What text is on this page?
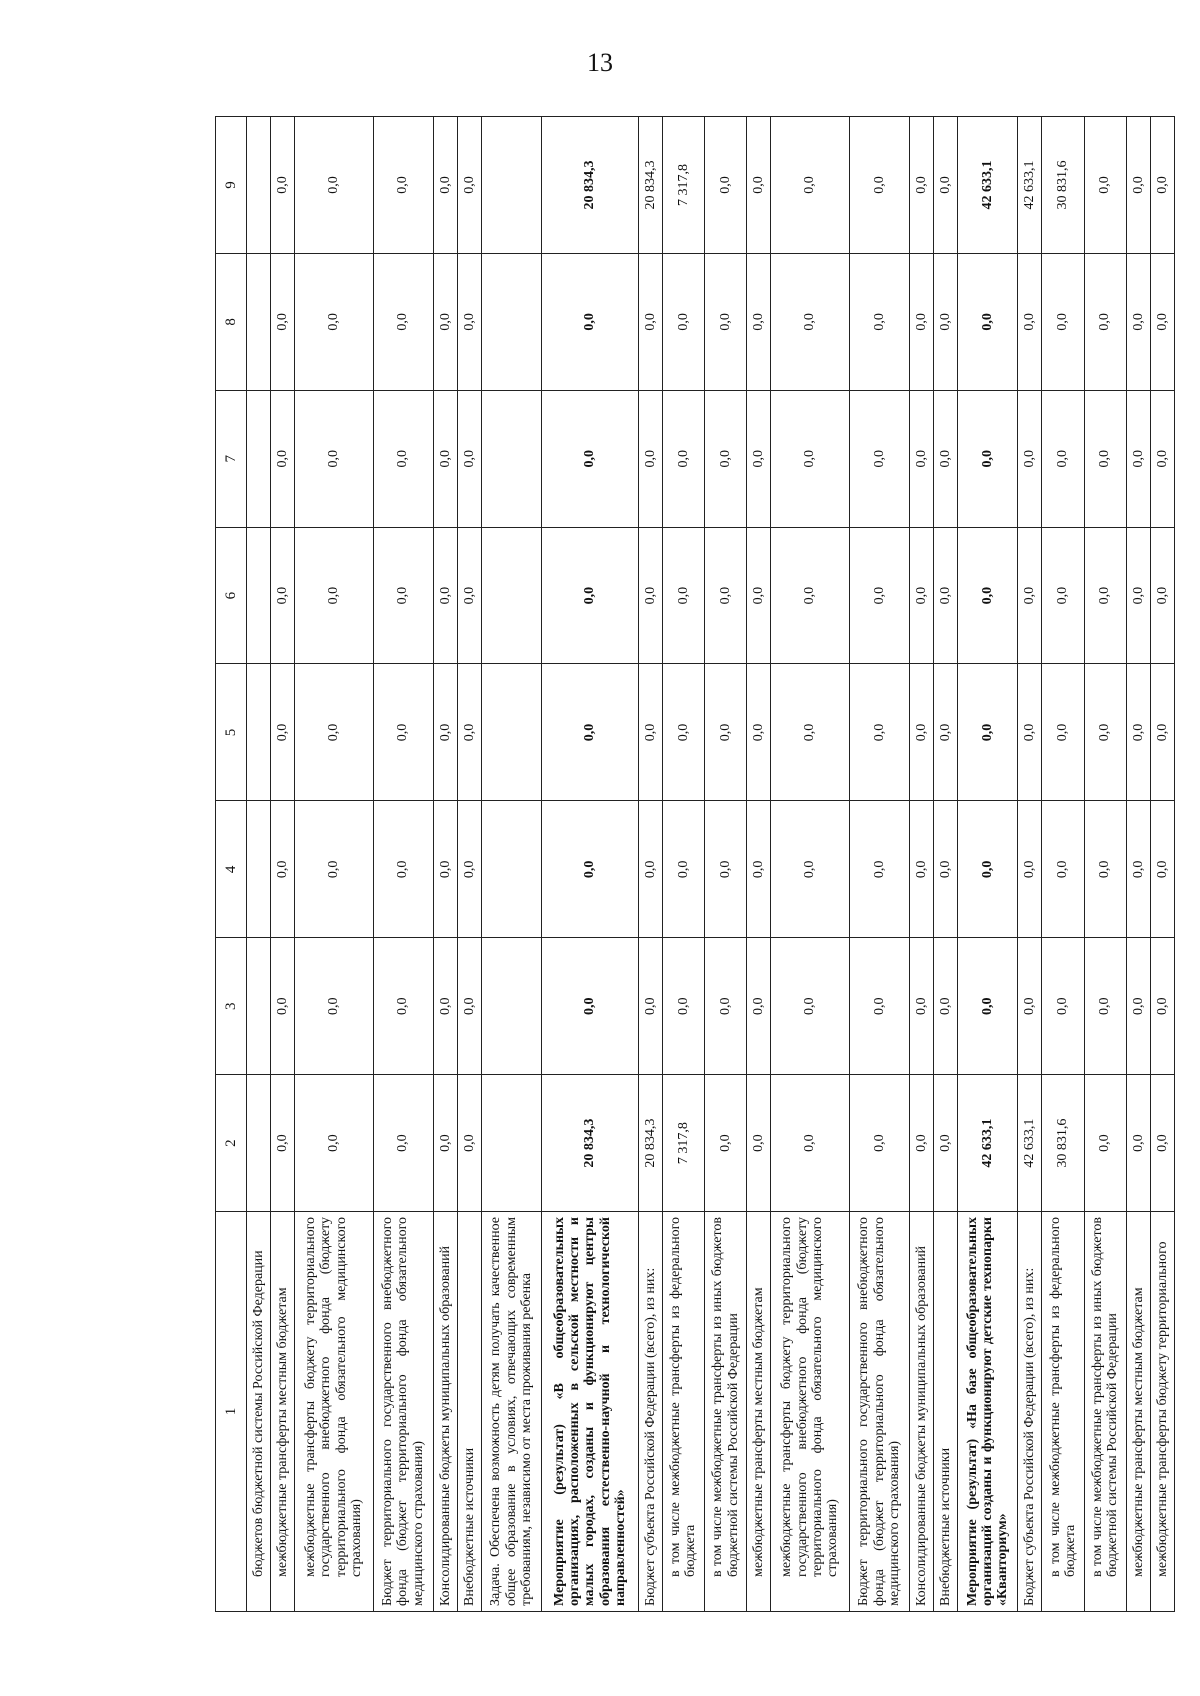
13
1	2	3	4	5	6	7	8	9
бюджетов бюджетной системы Российской Федерации								
межбюджетные трансферты местным бюджетам	0,0	0,0	0,0	0,0	0,0	0,0	0,0	0,0
межбюджетные трансферты бюджету территориального государственного внебюджетного фонда (бюджету территориального фонда обязательного медицинского страхования)	0,0	0,0	0,0	0,0	0,0	0,0	0,0	0,0
Бюджет территориального государственного внебюджетного фонда (бюджет территориального фонда обязательного медицинского страхования)	0,0	0,0	0,0	0,0	0,0	0,0	0,0	0,0
Консолидированные бюджеты муниципальных образований	0,0	0,0	0,0	0,0	0,0	0,0	0,0	0,0
Внебюджетные источники	0,0	0,0	0,0	0,0	0,0	0,0	0,0	0,0
Задача. Обеспечена возможность детям получать качественное общее образование в условиях, отвечающих современным требованиям, независимо от места проживания ребенка								
Мероприятие (результат) «В общеобразовательных организациях, расположенных в сельской местности и малых городах, созданы и функционируют центры образования естественно-научной и технологической направленностей»	20 834,3	0,0	0,0	0,0	0,0	0,0	0,0	20 834,3
Бюджет субъекта Российской Федерации (всего), из них:	20 834,3	0,0	0,0	0,0	0,0	0,0	0,0	20 834,3
в том числе межбюджетные трансферты из федерального бюджета	7 317,8	0,0	0,0	0,0	0,0	0,0	0,0	7 317,8
в том числе межбюджетные трансферты из иных бюджетов бюджетной системы Российской Федерации	0,0	0,0	0,0	0,0	0,0	0,0	0,0	0,0
межбюджетные трансферты местным бюджетам	0,0	0,0	0,0	0,0	0,0	0,0	0,0	0,0
межбюджетные трансферты бюджету территориального государственного внебюджетного фонда (бюджету территориального фонда обязательного медицинского страхования)	0,0	0,0	0,0	0,0	0,0	0,0	0,0	0,0
Бюджет территориального государственного внебюджетного фонда (бюджет территориального фонда обязательного медицинского страхования)	0,0	0,0	0,0	0,0	0,0	0,0	0,0	0,0
Консолидированные бюджеты муниципальных образований	0,0	0,0	0,0	0,0	0,0	0,0	0,0	0,0
Внебюджетные источники	0,0	0,0	0,0	0,0	0,0	0,0	0,0	0,0
Мероприятие (результат) «На базе общеобразовательных организаций созданы и функционируют детские технопарки «Кванториум»	42 633,1	0,0	0,0	0,0	0,0	0,0	0,0	42 633,1
Бюджет субъекта Российской Федерации (всего), из них:	42 633,1	0,0	0,0	0,0	0,0	0,0	0,0	42 633,1
в том числе межбюджетные трансферты из федерального бюджета	30 831,6	0,0	0,0	0,0	0,0	0,0	0,0	30 831,6
в том числе межбюджетные трансферты из иных бюджетов бюджетной системы Российской Федерации	0,0	0,0	0,0	0,0	0,0	0,0	0,0	0,0
межбюджетные трансферты местным бюджетам	0,0	0,0	0,0	0,0	0,0	0,0	0,0	0,0
межбюджетные трансферты бюджету территориального	0,0	0,0	0,0	0,0	0,0	0,0	0,0	0,0
